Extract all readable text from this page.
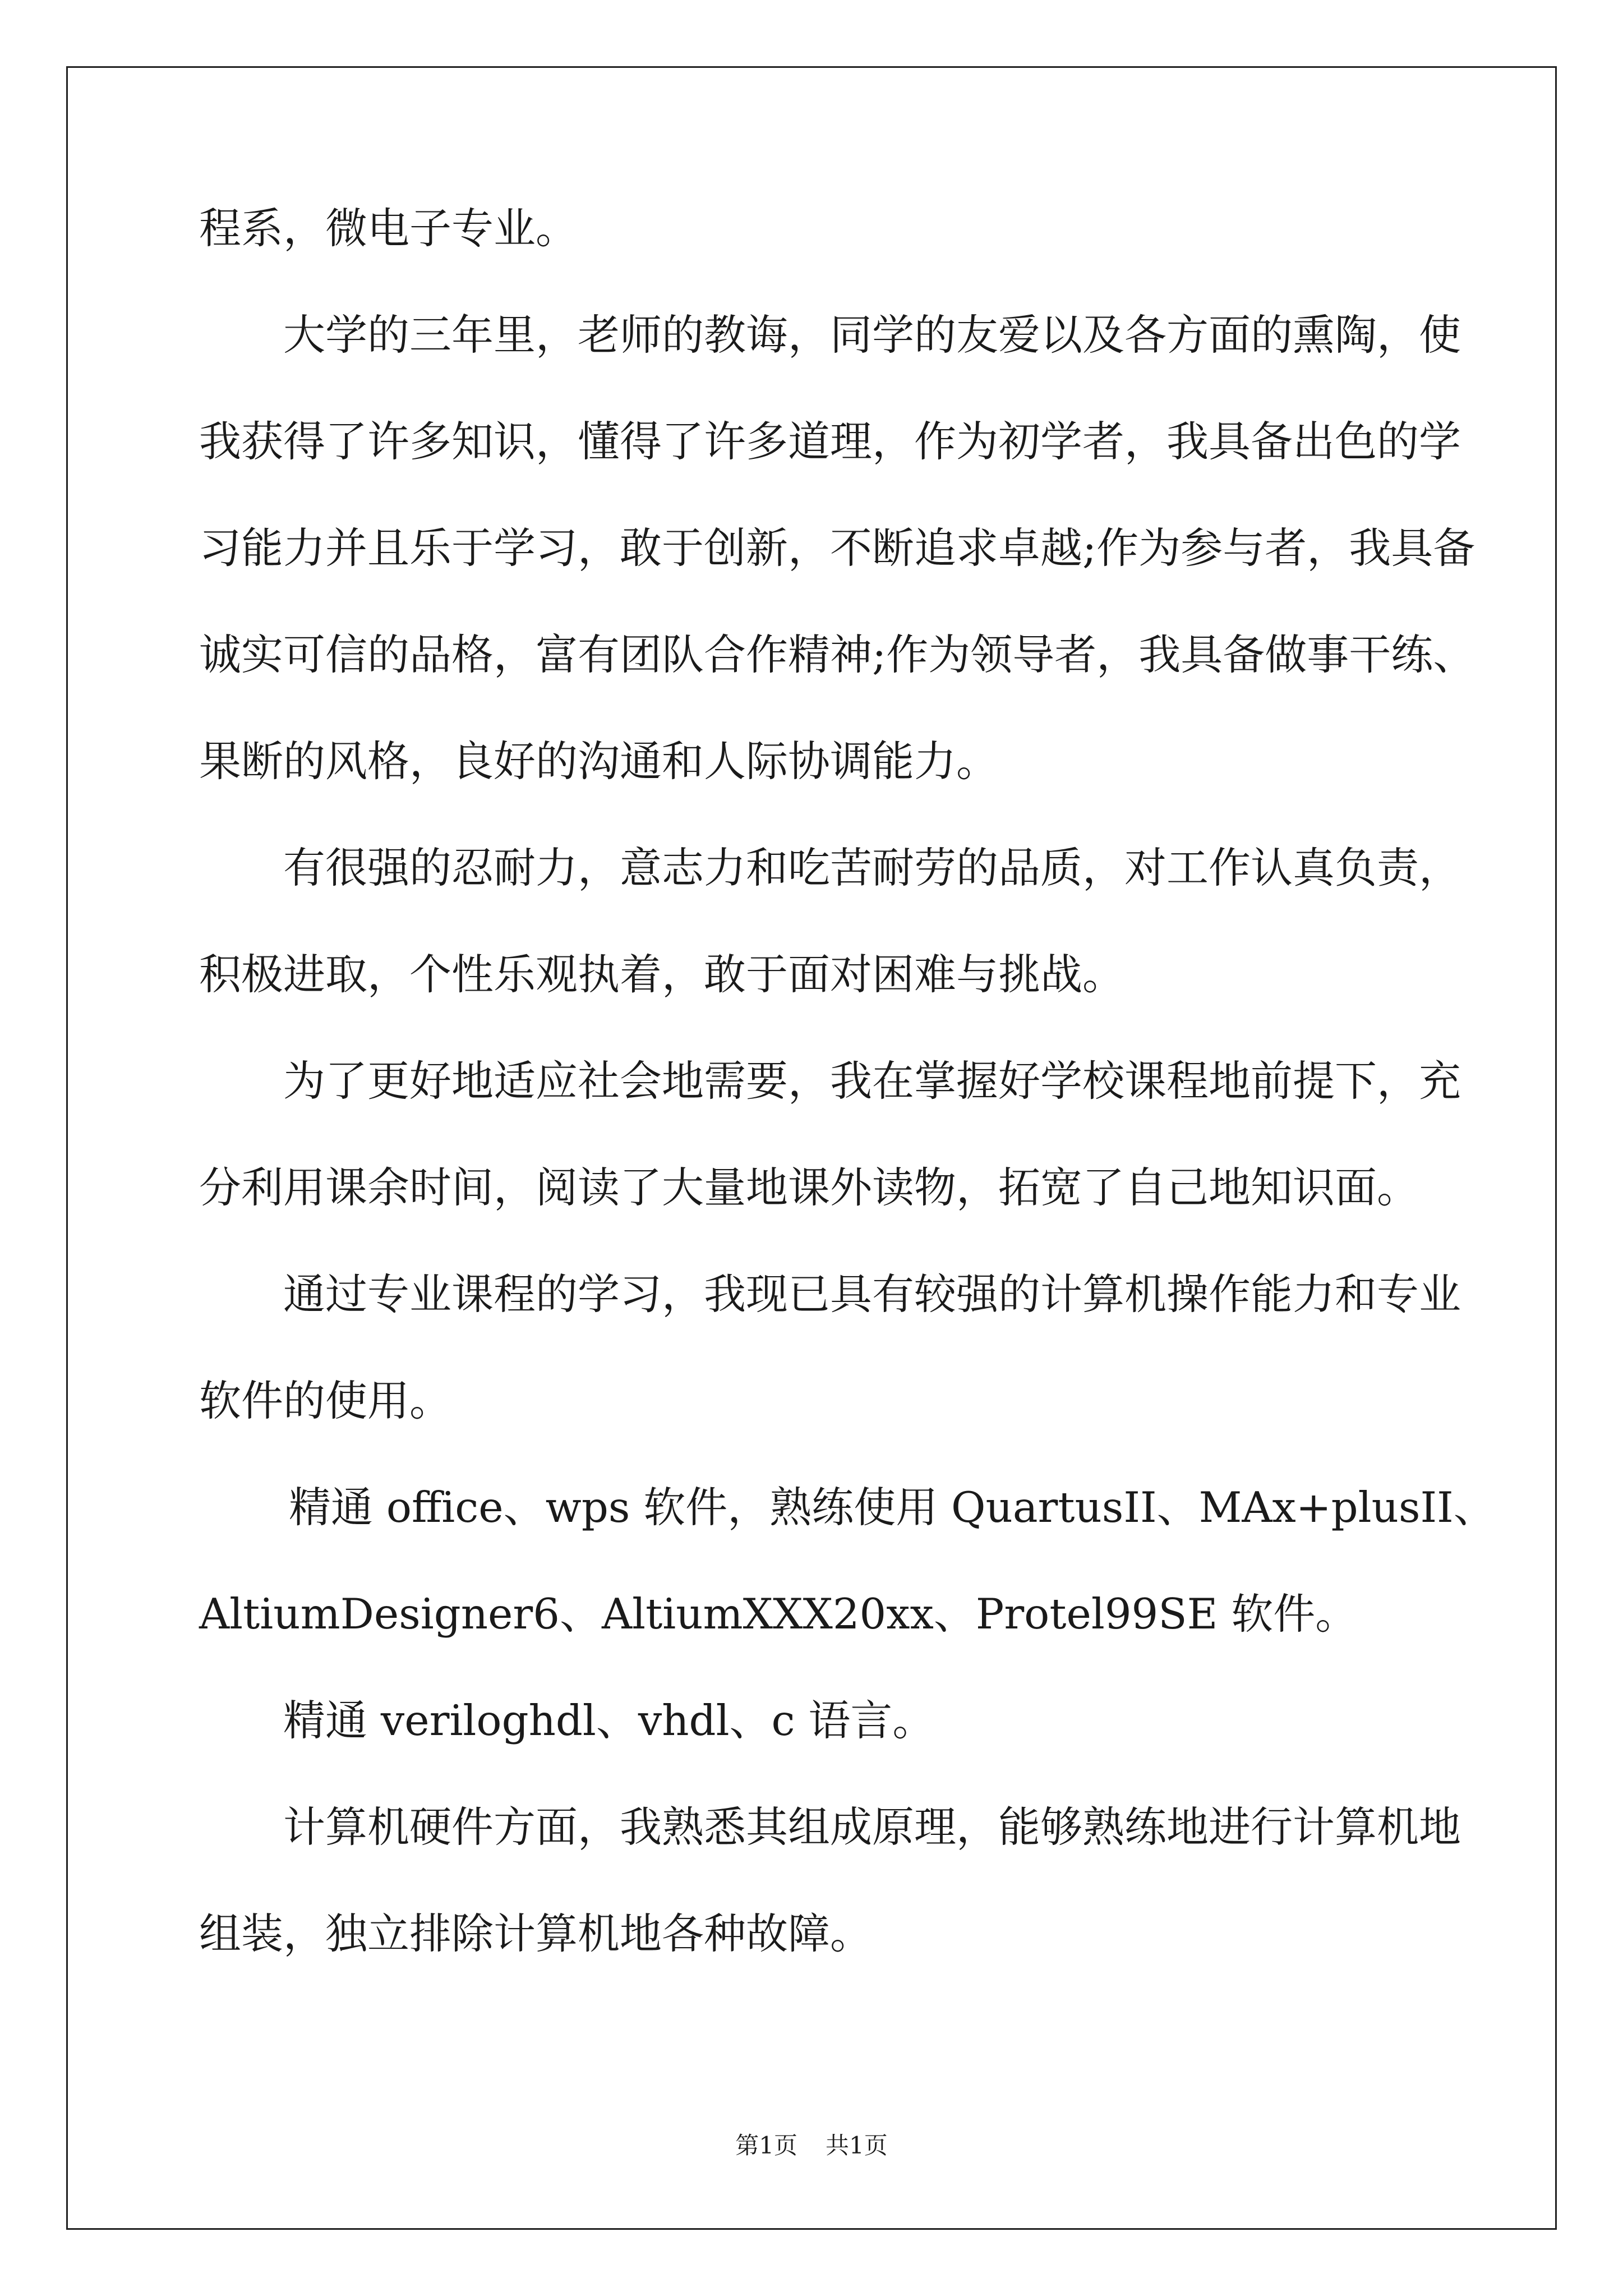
程系，微电子专业。
大学的三年里，老师的教诲，同学的友爱以及各方面的熏陶，使
我获得了许多知识，懂得了许多道理，作为初学者，我具备出色的学
习能力并且乐于学习，敢于创新，不断追求卓越;作为参与者，我具备
诚实可信的品格，富有团队合作精神;作为领导者，我具备做事干练、
果断的风格，良好的沟通和人际协调能力。
有很强的忍耐力，意志力和吃苦耐劳的品质，对工作认真负责，
积极进取，个性乐观执着，敢于面对困难与挑战。
为了更好地适应社会地需要，我在掌握好学校课程地前提下，充
分利用课余时间，阅读了大量地课外读物，拓宽了自己地知识面。
通过专业课程的学习，我现已具有较强的计算机操作能力和专业
软件的使用。
精通 office、wps 软件，熟练使用 QuartusII、MAx+plusII、
AltiumDesigner6、AltiumXXX20xx、Protel99SE 软件。
精通 veriloghdl、vhdl、c 语言。
计算机硬件方面，我熟悉其组成原理，能够熟练地进行计算机地
组装，独立排除计算机地各种故障。
第1页 共1页
